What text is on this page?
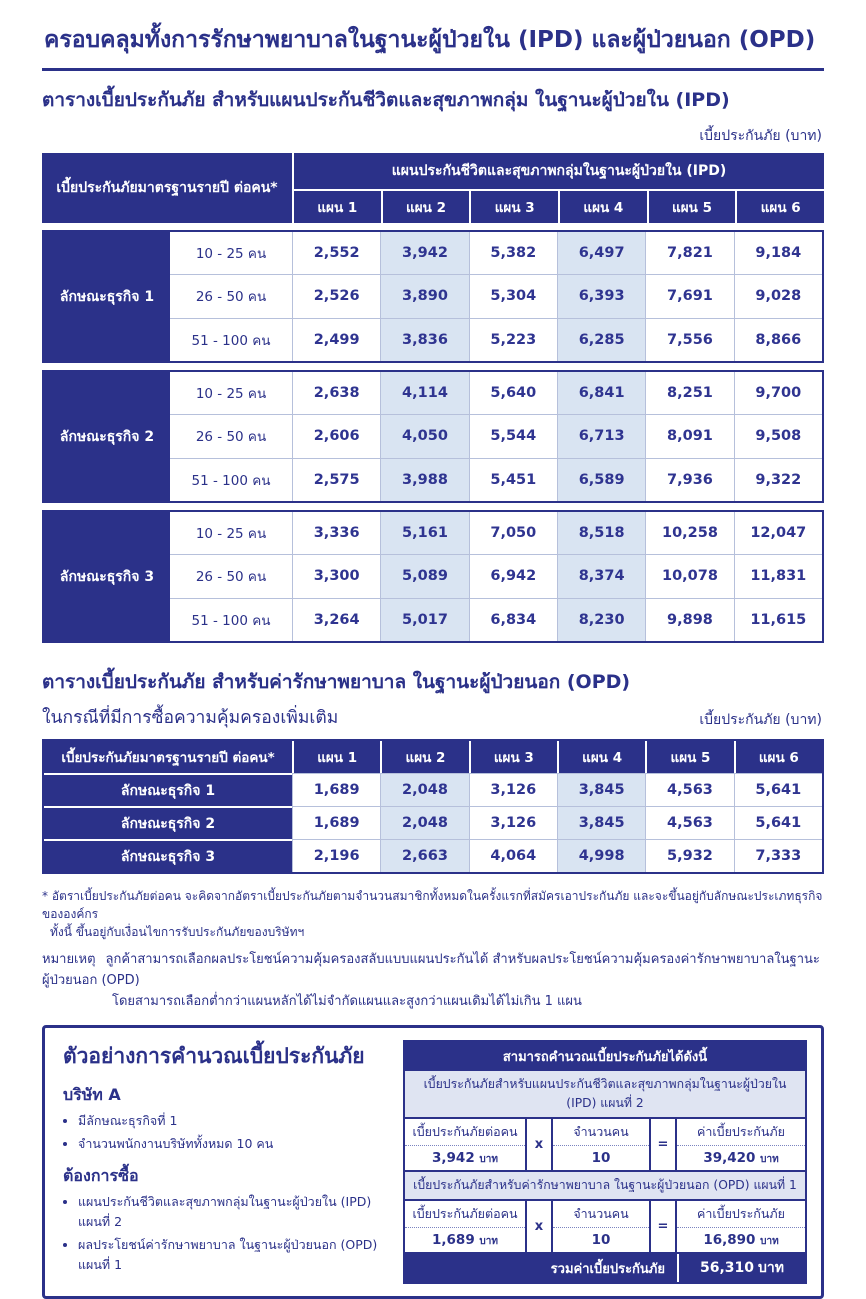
ครอบคลุมทั้งการรักษาพยาบาลในฐานะผู้ป่วยใน (IPD) และผู้ป่วยนอก (OPD)
ตารางเบี้ยประกันภัย สำหรับแผนประกันชีวิตและสุขภาพกลุ่ม ในฐานะผู้ป่วยใน (IPD)
เบี้ยประกันภัย (บาท)
เบี้ยประกันภัยมาตรฐานรายปี ต่อคน*
แผนประกันชีวิตและสุขภาพกลุ่มในฐานะผู้ป่วยใน (IPD)
แผน 1	แผน 2	แผน 3	แผน 4	แผน 5	แผน 6
ลักษณะธุรกิจ 1
10 - 25 คน	2,552	3,942	5,382	6,497	7,821	9,184
26 - 50 คน	2,526	3,890	5,304	6,393	7,691	9,028
51 - 100 คน	2,499	3,836	5,223	6,285	7,556	8,866
ลักษณะธุรกิจ 2
10 - 25 คน	2,638	4,114	5,640	6,841	8,251	9,700
26 - 50 คน	2,606	4,050	5,544	6,713	8,091	9,508
51 - 100 คน	2,575	3,988	5,451	6,589	7,936	9,322
ลักษณะธุรกิจ 3
10 - 25 คน	3,336	5,161	7,050	8,518	10,258	12,047
26 - 50 คน	3,300	5,089	6,942	8,374	10,078	11,831
51 - 100 คน	3,264	5,017	6,834	8,230	9,898	11,615
ตารางเบี้ยประกันภัย สำหรับค่ารักษาพยาบาล ในฐานะผู้ป่วยนอก (OPD)
ในกรณีที่มีการซื้อความคุ้มครองเพิ่มเติม	เบี้ยประกันภัย (บาท)
เบี้ยประกันภัยมาตรฐานรายปี ต่อคน*	แผน 1	แผน 2	แผน 3	แผน 4	แผน 5	แผน 6
ลักษณะธุรกิจ 1	1,689	2,048	3,126	3,845	4,563	5,641
ลักษณะธุรกิจ 2	1,689	2,048	3,126	3,845	4,563	5,641
ลักษณะธุรกิจ 3	2,196	2,663	4,064	4,998	5,932	7,333
* อัตราเบี้ยประกันภัยต่อคน จะคิดจากอัตราเบี้ยประกันภัยตามจำนวนสมาชิกทั้งหมดในครั้งแรกที่สมัครเอาประกันภัย และจะขึ้นอยู่กับลักษณะประเภทธุรกิจขององค์กร
ทั้งนี้ ขึ้นอยู่กับเงื่อนไขการรับประกันภัยของบริษัทฯ
หมายเหตุ ลูกค้าสามารถเลือกผลประโยชน์ความคุ้มครองสลับแบบแผนประกันได้ สำหรับผลประโยชน์ความคุ้มครองค่ารักษาพยาบาลในฐานะผู้ป่วยนอก (OPD)
โดยสามารถเลือกต่ำกว่าแผนหลักได้ไม่จำกัดแผนและสูงกว่าแผนเดิมได้ไม่เกิน 1 แผน
ตัวอย่างการคำนวณเบี้ยประกันภัย
บริษัท A
• มีลักษณะธุรกิจที่ 1
• จำนวนพนักงานบริษัททั้งหมด 10 คน
ต้องการซื้อ
• แผนประกันชีวิตและสุขภาพกลุ่มในฐานะผู้ป่วยใน (IPD) แผนที่ 2
• ผลประโยชน์ค่ารักษาพยาบาล ในฐานะผู้ป่วยนอก (OPD) แผนที่ 1
สามารถคำนวณเบี้ยประกันภัยได้ดังนี้
เบี้ยประกันภัยสำหรับแผนประกันชีวิตและสุขภาพกลุ่มในฐานะผู้ป่วยใน (IPD) แผนที่ 2
เบี้ยประกันภัยต่อคน
3,942 บาท
x
จำนวนคน
10
=
ค่าเบี้ยประกันภัย
39,420 บาท
เบี้ยประกันภัยสำหรับค่ารักษาพยาบาล ในฐานะผู้ป่วยนอก (OPD) แผนที่ 1
เบี้ยประกันภัยต่อคน
1,689 บาท
x
จำนวนคน
10
=
ค่าเบี้ยประกันภัย
16,890 บาท
รวมค่าเบี้ยประกันภัย	56,310 บาท
